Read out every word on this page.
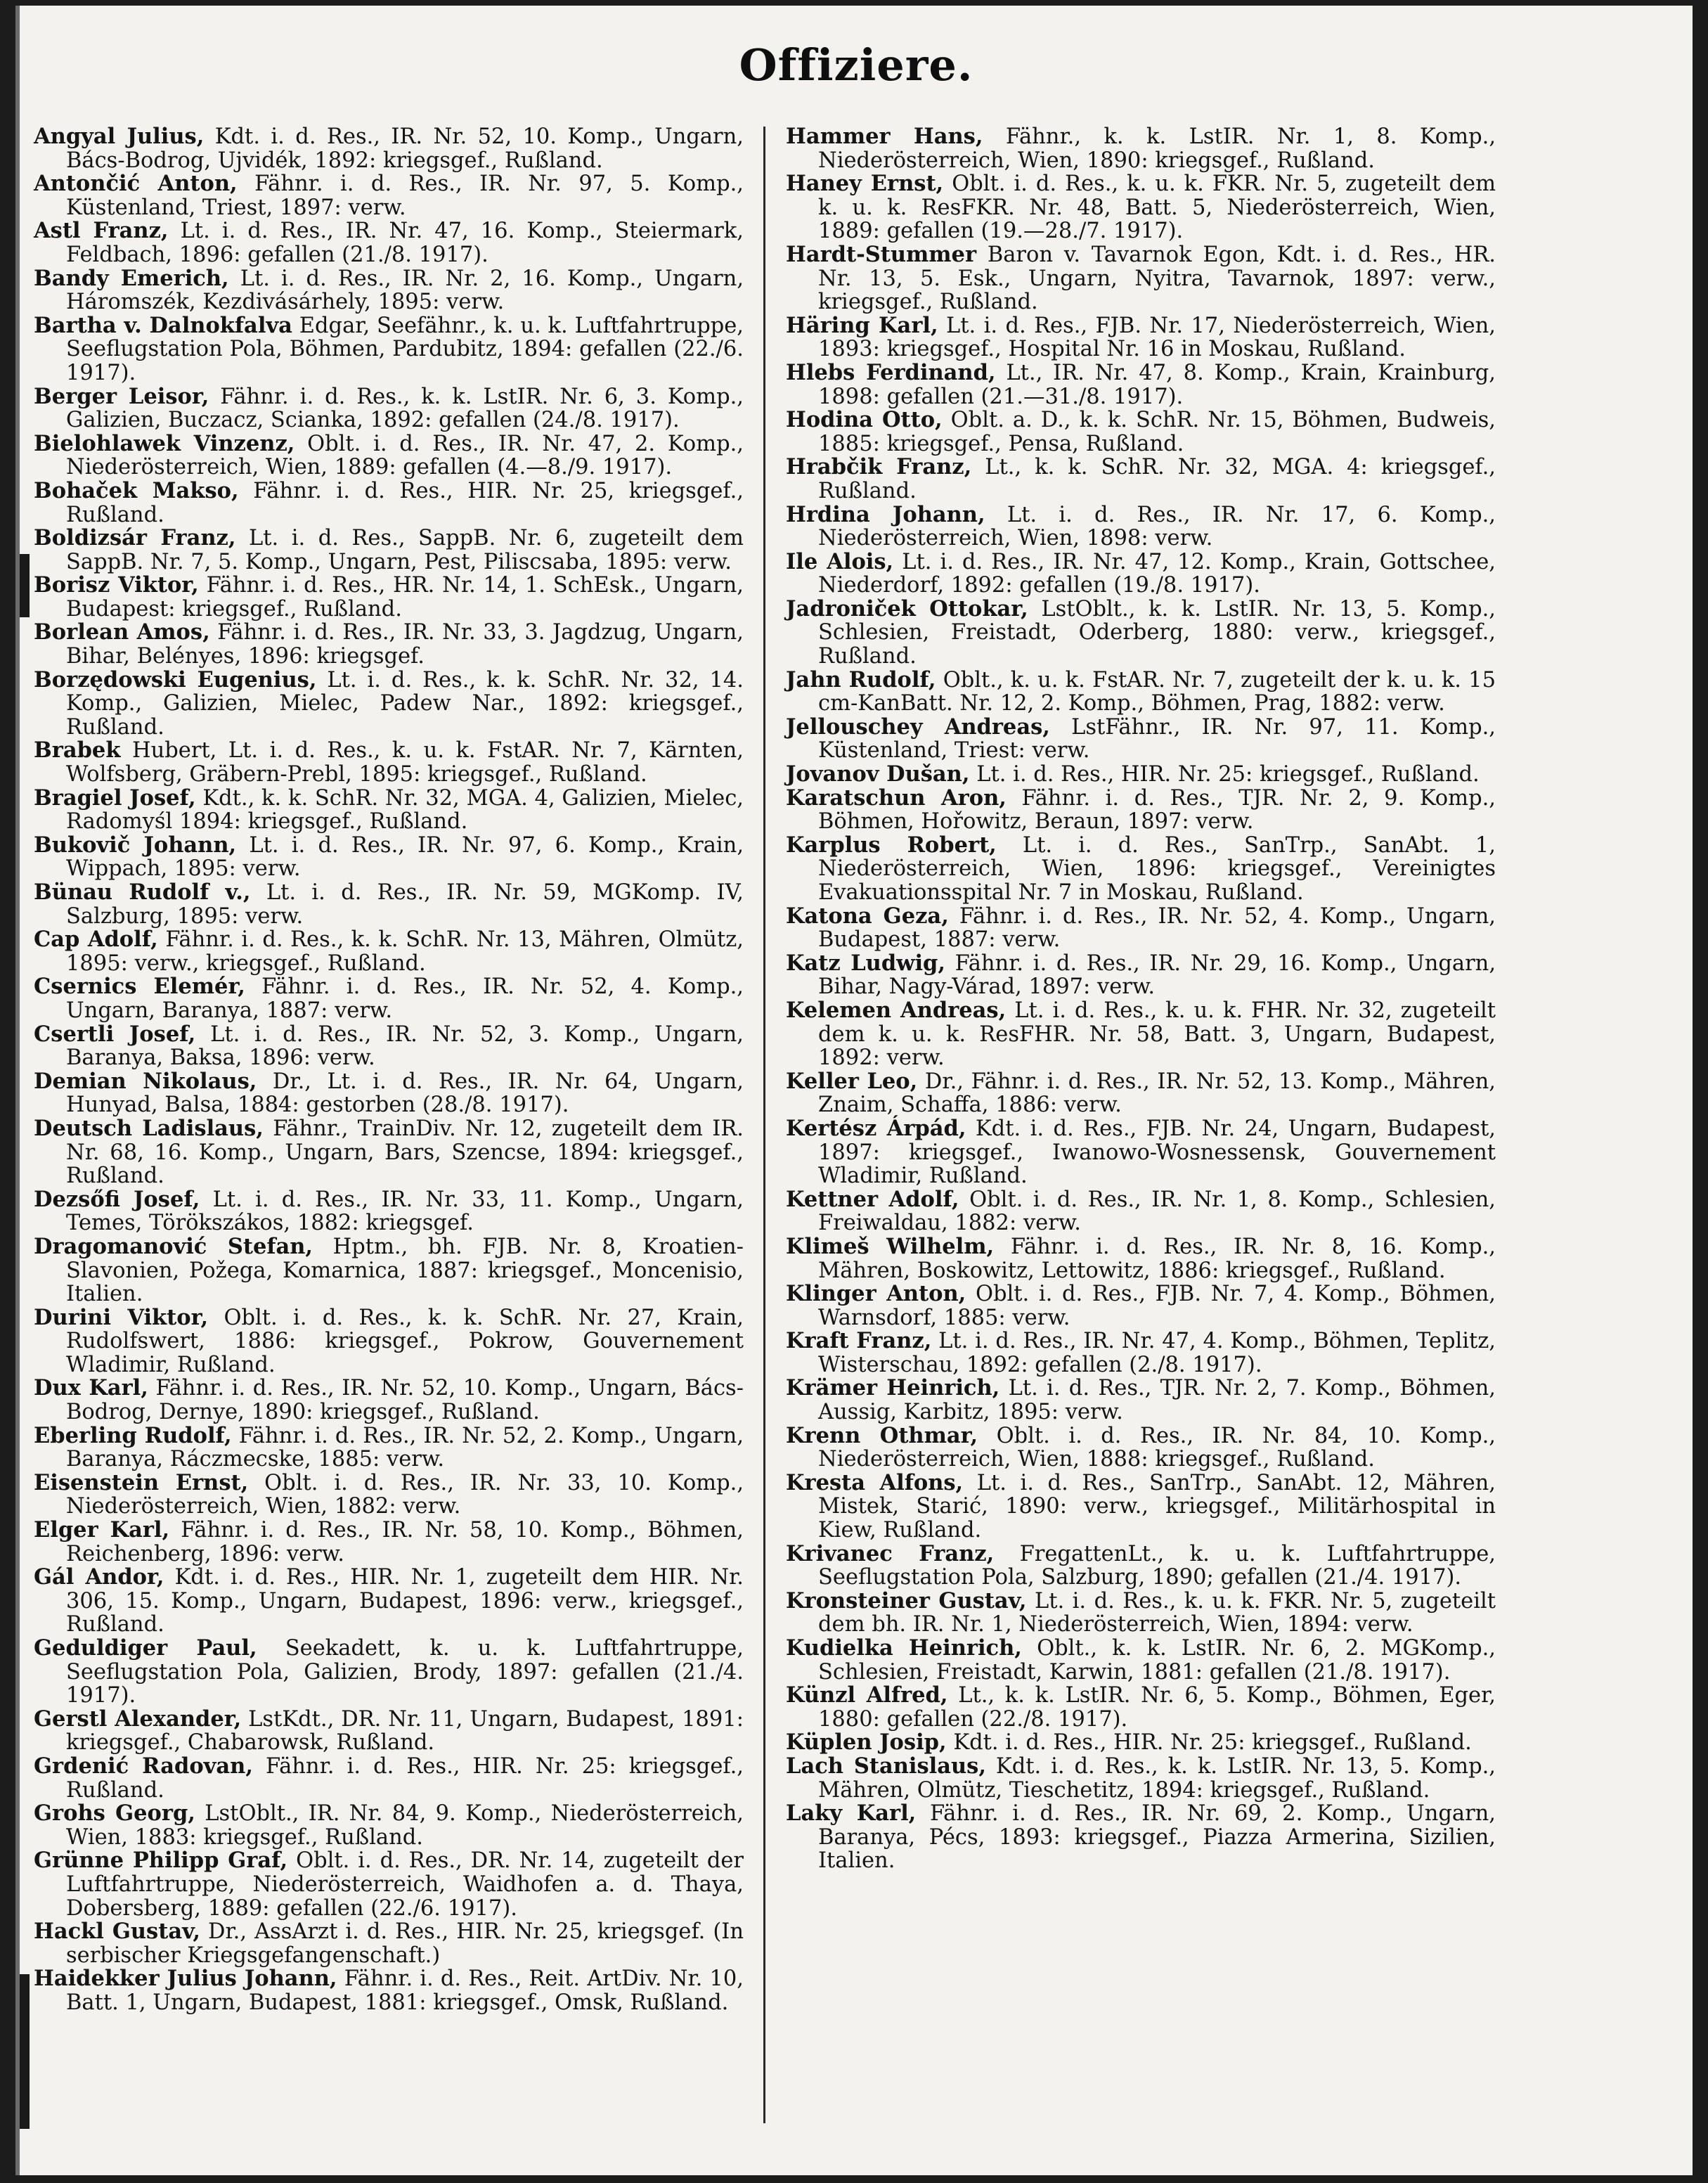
Offiziere.

Angyal Julius, Kdt. i. d. Res., IR. Nr. 52, 10. Komp., Ungarn, Bács-Bodrog, Ujvidék, 1892: kriegsgef., Rußland.

Antončić Anton, Fähnr. i. d. Res., IR. Nr. 97, 5. Komp., Küstenland, Triest, 1897: verw.

Astl Franz, Lt. i. d. Res., IR. Nr. 47, 16. Komp., Steiermark, Feldbach, 1896: gefallen (21./8. 1917).

Bandy Emerich, Lt. i. d. Res., IR. Nr. 2, 16. Komp., Ungarn, Háromszék, Kezdivásárhely, 1895: verw.

Bartha v. Dalnokfalva Edgar, Seefähnr., k. u. k. Luftfahrtruppe, Seeflugstation Pola, Böhmen, Pardubitz, 1894: gefallen (22./6. 1917).

Berger Leisor, Fähnr. i. d. Res., k. k. LstIR. Nr. 6, 3. Komp., Galizien, Buczacz, Scianka, 1892: gefallen (24./8. 1917).

Bielohlawek Vinzenz, Oblt. i. d. Res., IR. Nr. 47, 2. Komp., Niederösterreich, Wien, 1889: gefallen (4.—8./9. 1917).

Bohaček Makso, Fähnr. i. d. Res., HIR. Nr. 25, kriegsgef., Rußland.

Boldizsár Franz, Lt. i. d. Res., SappB. Nr. 6, zugeteilt dem SappB. Nr. 7, 5. Komp., Ungarn, Pest, Piliscsaba, 1895: verw.

Borisz Viktor, Fähnr. i. d. Res., HR. Nr. 14, 1. SchEsk., Ungarn, Budapest: kriegsgef., Rußland.

Borlean Amos, Fähnr. i. d. Res., IR. Nr. 33, 3. Jagdzug, Ungarn, Bihar, Belényes, 1896: kriegsgef.

Borzędowski Eugenius, Lt. i. d. Res., k. k. SchR. Nr. 32, 14. Komp., Galizien, Mielec, Padew Nar., 1892: kriegsgef., Rußland.

Brabek Hubert, Lt. i. d. Res., k. u. k. FstAR. Nr. 7, Kärnten, Wolfsberg, Gräbern-Prebl, 1895: kriegsgef., Rußland.

Bragiel Josef, Kdt., k. k. SchR. Nr. 32, MGA. 4, Galizien, Mielec, Radomyśl 1894: kriegsgef., Rußland.

Bukovič Johann, Lt. i. d. Res., IR. Nr. 97, 6. Komp., Krain, Wippach, 1895: verw.

Bünau Rudolf v., Lt. i. d. Res., IR. Nr. 59, MGKomp. IV, Salzburg, 1895: verw.

Cap Adolf, Fähnr. i. d. Res., k. k. SchR. Nr. 13, Mähren, Olmütz, 1895: verw., kriegsgef., Rußland.

Csernics Elemér, Fähnr. i. d. Res., IR. Nr. 52, 4. Komp., Ungarn, Baranya, 1887: verw.

Csertli Josef, Lt. i. d. Res., IR. Nr. 52, 3. Komp., Ungarn, Baranya, Baksa, 1896: verw.

Demian Nikolaus, Dr., Lt. i. d. Res., IR. Nr. 64, Ungarn, Hunyad, Balsa, 1884: gestorben (28./8. 1917).

Deutsch Ladislaus, Fähnr., TrainDiv. Nr. 12, zugeteilt dem IR. Nr. 68, 16. Komp., Ungarn, Bars, Szencse, 1894: kriegsgef., Rußland.

Dezsőfi Josef, Lt. i. d. Res., IR. Nr. 33, 11. Komp., Ungarn, Temes, Törökszákos, 1882: kriegsgef.

Dragomanović Stefan, Hptm., bh. FJB. Nr. 8, Kroatien-Slavonien, Požega, Komarnica, 1887: kriegsgef., Moncenisio, Italien.

Durini Viktor, Oblt. i. d. Res., k. k. SchR. Nr. 27, Krain, Rudolfswert, 1886: kriegsgef., Pokrow, Gouvernement Wladimir, Rußland.

Dux Karl, Fähnr. i. d. Res., IR. Nr. 52, 10. Komp., Ungarn, Bács-Bodrog, Dernye, 1890: kriegsgef., Rußland.

Eberling Rudolf, Fähnr. i. d. Res., IR. Nr. 52, 2. Komp., Ungarn, Baranya, Ráczmecske, 1885: verw.

Eisenstein Ernst, Oblt. i. d. Res., IR. Nr. 33, 10. Komp., Niederösterreich, Wien, 1882: verw.

Elger Karl, Fähnr. i. d. Res., IR. Nr. 58, 10. Komp., Böhmen, Reichenberg, 1896: verw.

Gál Andor, Kdt. i. d. Res., HIR. Nr. 1, zugeteilt dem HIR. Nr. 306, 15. Komp., Ungarn, Budapest, 1896: verw., kriegsgef., Rußland.

Geduldiger Paul, Seekadett, k. u. k. Luftfahrtruppe, Seeflugstation Pola, Galizien, Brody, 1897: gefallen (21./4. 1917).

Gerstl Alexander, LstKdt., DR. Nr. 11, Ungarn, Budapest, 1891: kriegsgef., Chabarowsk, Rußland.

Grdenić Radovan, Fähnr. i. d. Res., HIR. Nr. 25: kriegsgef., Rußland.

Grohs Georg, LstOblt., IR. Nr. 84, 9. Komp., Niederösterreich, Wien, 1883: kriegsgef., Rußland.

Grünne Philipp Graf, Oblt. i. d. Res., DR. Nr. 14, zugeteilt der Luftfahrtruppe, Niederösterreich, Waidhofen a. d. Thaya, Dobersberg, 1889: gefallen (22./6. 1917).

Hackl Gustav, Dr., AssArzt i. d. Res., HIR. Nr. 25, kriegsgef. (In serbischer Kriegsgefangenschaft.)

Haidekker Julius Johann, Fähnr. i. d. Res., Reit. ArtDiv. Nr. 10, Batt. 1, Ungarn, Budapest, 1881: kriegsgef., Omsk, Rußland.

Hammer Hans, Fähnr., k. k. LstIR. Nr. 1, 8. Komp., Niederösterreich, Wien, 1890: kriegsgef., Rußland.

Haney Ernst, Oblt. i. d. Res., k. u. k. FKR. Nr. 5, zugeteilt dem k. u. k. ResFKR. Nr. 48, Batt. 5, Niederösterreich, Wien, 1889: gefallen (19.—28./7. 1917).

Hardt-Stummer Baron v. Tavarnok Egon, Kdt. i. d. Res., HR. Nr. 13, 5. Esk., Ungarn, Nyitra, Tavarnok, 1897: verw., kriegsgef., Rußland.

Häring Karl, Lt. i. d. Res., FJB. Nr. 17, Niederösterreich, Wien, 1893: kriegsgef., Hospital Nr. 16 in Moskau, Rußland.

Hlebs Ferdinand, Lt., IR. Nr. 47, 8. Komp., Krain, Krainburg, 1898: gefallen (21.—31./8. 1917).

Hodina Otto, Oblt. a. D., k. k. SchR. Nr. 15, Böhmen, Budweis, 1885: kriegsgef., Pensa, Rußland.

Hrabčik Franz, Lt., k. k. SchR. Nr. 32, MGA. 4: kriegsgef., Rußland.

Hrdina Johann, Lt. i. d. Res., IR. Nr. 17, 6. Komp., Niederösterreich, Wien, 1898: verw.

Ile Alois, Lt. i. d. Res., IR. Nr. 47, 12. Komp., Krain, Gottschee, Niederdorf, 1892: gefallen (19./8. 1917).

Jadroniček Ottokar, LstOblt., k. k. LstIR. Nr. 13, 5. Komp., Schlesien, Freistadt, Oderberg, 1880: verw., kriegsgef., Rußland.

Jahn Rudolf, Oblt., k. u. k. FstAR. Nr. 7, zugeteilt der k. u. k. 15 cm-KanBatt. Nr. 12, 2. Komp., Böhmen, Prag, 1882: verw.

Jellouschey Andreas, LstFähnr., IR. Nr. 97, 11. Komp., Küstenland, Triest: verw.

Jovanov Dušan, Lt. i. d. Res., HIR. Nr. 25: kriegsgef., Rußland.

Karatschun Aron, Fähnr. i. d. Res., TJR. Nr. 2, 9. Komp., Böhmen, Hořowitz, Beraun, 1897: verw.

Karplus Robert, Lt. i. d. Res., SanTrp., SanAbt. 1, Niederösterreich, Wien, 1896: kriegsgef., Vereinigtes Evakuationsspital Nr. 7 in Moskau, Rußland.

Katona Geza, Fähnr. i. d. Res., IR. Nr. 52, 4. Komp., Ungarn, Budapest, 1887: verw.

Katz Ludwig, Fähnr. i. d. Res., IR. Nr. 29, 16. Komp., Ungarn, Bihar, Nagy-Várad, 1897: verw.

Kelemen Andreas, Lt. i. d. Res., k. u. k. FHR. Nr. 32, zugeteilt dem k. u. k. ResFHR. Nr. 58, Batt. 3, Ungarn, Budapest, 1892: verw.

Keller Leo, Dr., Fähnr. i. d. Res., IR. Nr. 52, 13. Komp., Mähren, Znaim, Schaffa, 1886: verw.

Kertész Árpád, Kdt. i. d. Res., FJB. Nr. 24, Ungarn, Budapest, 1897: kriegsgef., Iwanowo-Wosnessensk, Gouvernement Wladimir, Rußland.

Kettner Adolf, Oblt. i. d. Res., IR. Nr. 1, 8. Komp., Schlesien, Freiwaldau, 1882: verw.

Klimeš Wilhelm, Fähnr. i. d. Res., IR. Nr. 8, 16. Komp., Mähren, Boskowitz, Lettowitz, 1886: kriegsgef., Rußland.

Klinger Anton, Oblt. i. d. Res., FJB. Nr. 7, 4. Komp., Böhmen, Warnsdorf, 1885: verw.

Kraft Franz, Lt. i. d. Res., IR. Nr. 47, 4. Komp., Böhmen, Teplitz, Wisterschau, 1892: gefallen (2./8. 1917).

Krämer Heinrich, Lt. i. d. Res., TJR. Nr. 2, 7. Komp., Böhmen, Aussig, Karbitz, 1895: verw.

Krenn Othmar, Oblt. i. d. Res., IR. Nr. 84, 10. Komp., Niederösterreich, Wien, 1888: kriegsgef., Rußland.

Kresta Alfons, Lt. i. d. Res., SanTrp., SanAbt. 12, Mähren, Mistek, Starić, 1890: verw., kriegsgef., Militärhospital in Kiew, Rußland.

Krivanec Franz, FregattenLt., k. u. k. Luftfahrtruppe, Seeflugstation Pola, Salzburg, 1890; gefallen (21./4. 1917).

Kronsteiner Gustav, Lt. i. d. Res., k. u. k. FKR. Nr. 5, zugeteilt dem bh. IR. Nr. 1, Niederösterreich, Wien, 1894: verw.

Kudielka Heinrich, Oblt., k. k. LstIR. Nr. 6, 2. MGKomp., Schlesien, Freistadt, Karwin, 1881: gefallen (21./8. 1917).

Künzl Alfred, Lt., k. k. LstIR. Nr. 6, 5. Komp., Böhmen, Eger, 1880: gefallen (22./8. 1917).

Küplen Josip, Kdt. i. d. Res., HIR. Nr. 25: kriegsgef., Rußland.

Lach Stanislaus, Kdt. i. d. Res., k. k. LstIR. Nr. 13, 5. Komp., Mähren, Olmütz, Tieschetitz, 1894: kriegsgef., Rußland.

Laky Karl, Fähnr. i. d. Res., IR. Nr. 69, 2. Komp., Ungarn, Baranya, Pécs, 1893: kriegsgef., Piazza Armerina, Sizilien, Italien.
